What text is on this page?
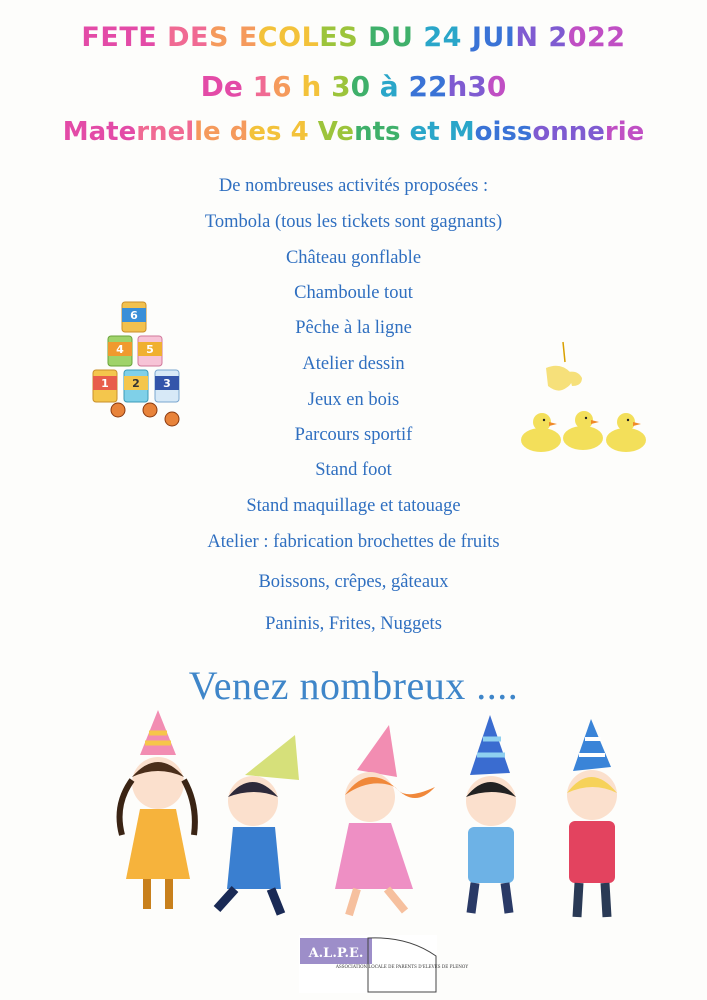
FETE DES ECOLES DU 24 JUIN 2022
De 16 h 30 à 22h30
Maternelle des 4 Vents et Moissonnerie
De nombreuses activités proposées :
Tombola (tous les tickets sont gagnants)
Château gonflable
Chamboule tout
Pêche à la ligne
Atelier dessin
Jeux en bois
Parcours sportif
Stand foot
Stand maquillage et tatouage
Atelier : fabrication brochettes de fruits
Boissons, crêpes, gâteaux
Paninis, Frites, Nuggets
Venez nombreux ....
6
4 5
1 2 3
A.L.P.E.
ASSOCIATION LOCALE DE PARENTS D'ELEVES DE PLENOY
